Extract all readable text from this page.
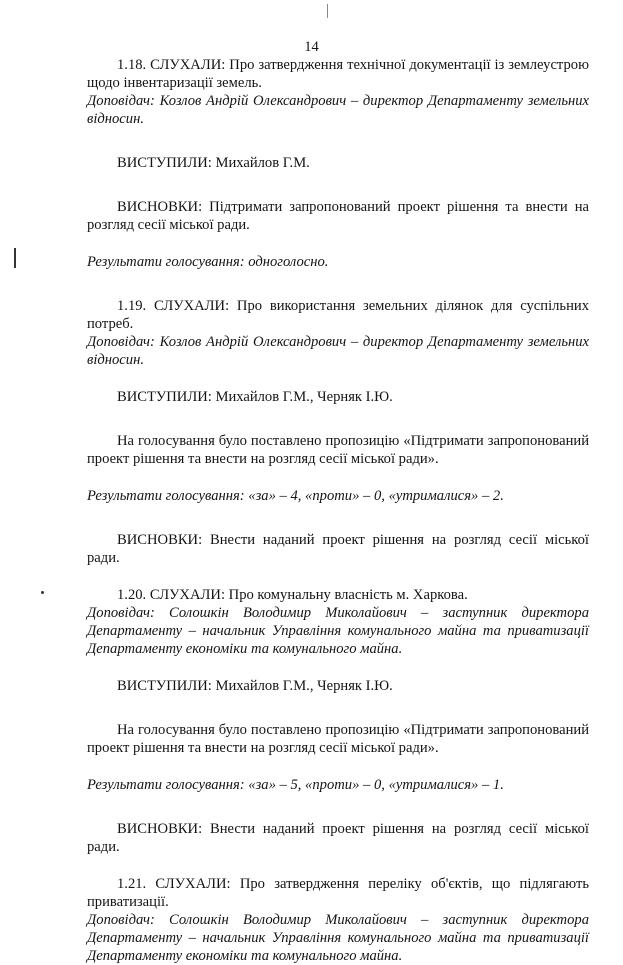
14

1.18. СЛУХАЛИ: Про затвердження технічної документації із землеустрою щодо інвентаризації земель.

Доповідач: Козлов Андрій Олександрович – директор Департаменту земельних відносин.

ВИСТУПИЛИ: Михайлов Г.М.

ВИСНОВКИ: Підтримати запропонований проект рішення та внести на розгляд сесії міської ради.

Результати голосування: одноголосно.

1.19. СЛУХАЛИ: Про використання земельних ділянок для суспільних потреб.

Доповідач: Козлов Андрій Олександрович – директор Департаменту земельних відносин.

ВИСТУПИЛИ: Михайлов Г.М., Черняк І.Ю.

На голосування було поставлено пропозицію «Підтримати запропонований проект рішення та внести на розгляд сесії міської ради».

Результати голосування: «за» – 4, «проти» – 0, «утрималися» – 2.

ВИСНОВКИ: Внести наданий проект рішення на розгляд сесії міської ради.

1.20. СЛУХАЛИ: Про комунальну власність м. Харкова.

Доповідач: Солошкін Володимир Миколайович – заступник директора Департаменту – начальник Управління комунального майна та приватизації Департаменту економіки та комунального майна.

ВИСТУПИЛИ: Михайлов Г.М., Черняк І.Ю.

На голосування було поставлено пропозицію «Підтримати запропонований проект рішення та внести на розгляд сесії міської ради».

Результати голосування: «за» – 5, «проти» – 0, «утрималися» – 1.

ВИСНОВКИ: Внести наданий проект рішення на розгляд сесії міської ради.

1.21. СЛУХАЛИ: Про затвердження переліку об'єктів, що підлягають приватизації.

Доповідач: Солошкін Володимир Миколайович – заступник директора Департаменту – начальник Управління комунального майна та приватизації Департаменту економіки та комунального майна.
